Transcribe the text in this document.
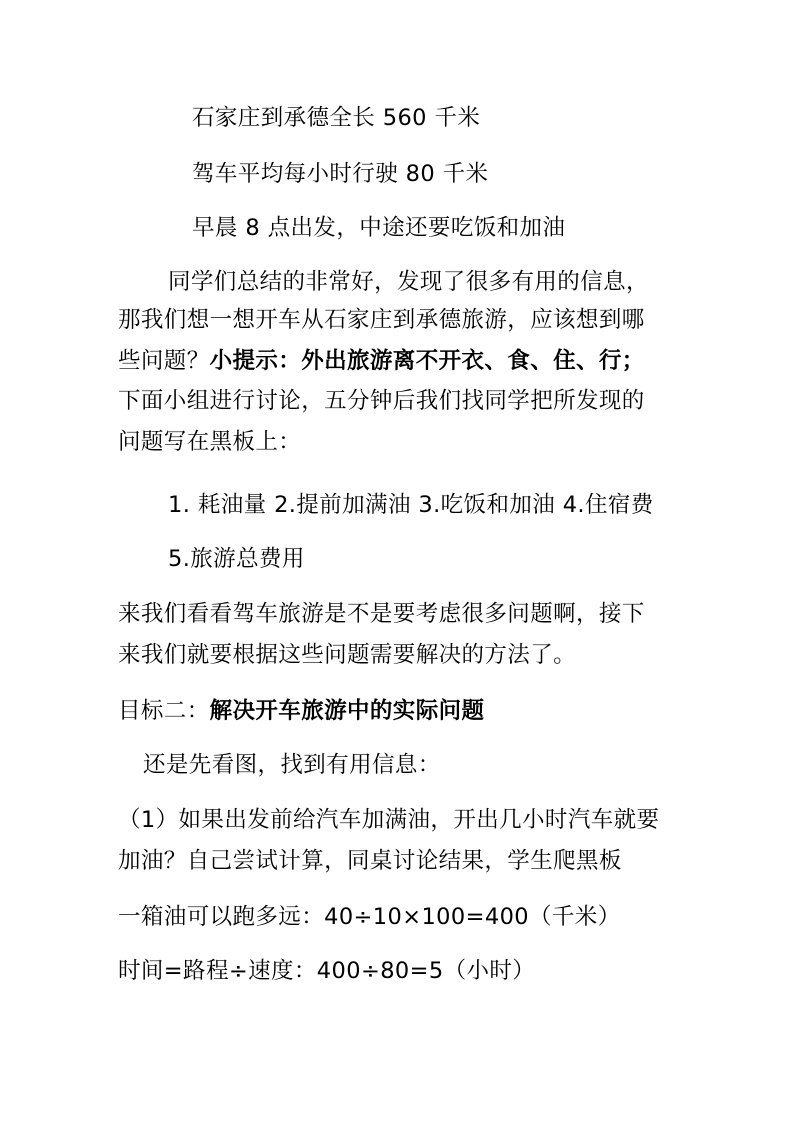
石家庄到承德全长 560 千米
驾车平均每小时行驶 80 千米
早晨 8 点出发，中途还要吃饭和加油
同学们总结的非常好，发现了很多有用的信息，
那我们想一想开车从石家庄到承德旅游，应该想到哪
些问题？小提示：外出旅游离不开衣、食、住、行；
下面小组进行讨论，五分钟后我们找同学把所发现的
问题写在黑板上：
1. 耗油量 2.提前加满油 3.吃饭和加油 4.住宿费
5.旅游总费用
来我们看看驾车旅游是不是要考虑很多问题啊，接下
来我们就要根据这些问题需要解决的方法了。
目标二：解决开车旅游中的实际问题
还是先看图，找到有用信息：
（1）如果出发前给汽车加满油，开出几小时汽车就要
加油？自己尝试计算，同桌讨论结果，学生爬黑板
一箱油可以跑多远：40÷10×100=400（千米）
时间=路程÷速度：400÷80=5（小时）
